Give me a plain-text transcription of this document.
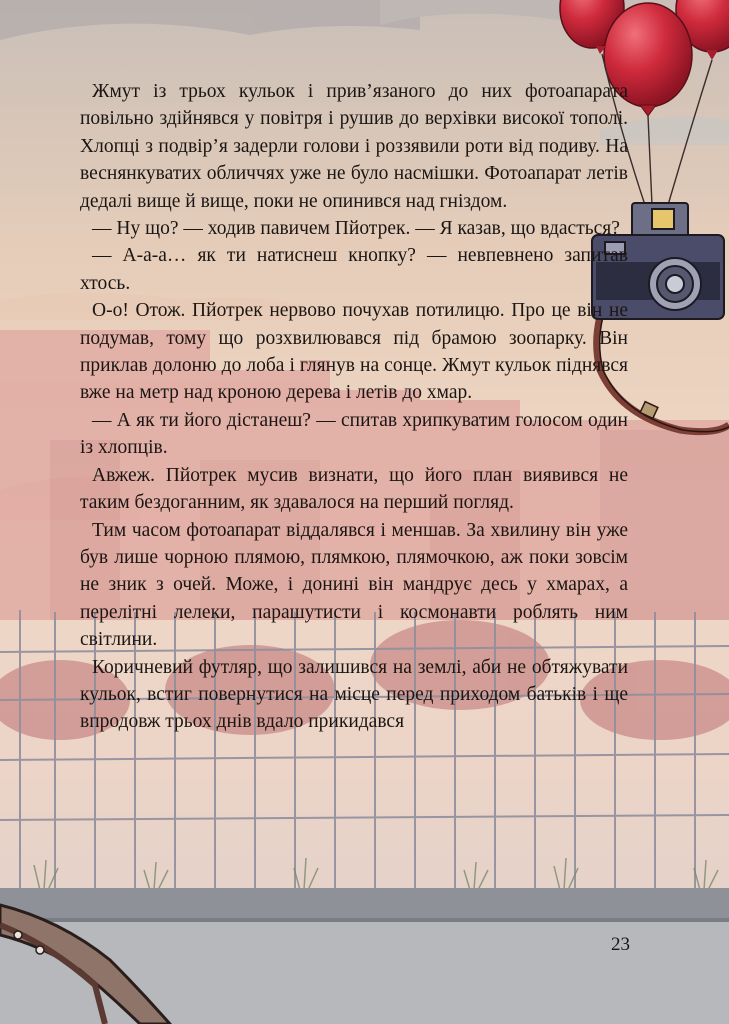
Жмут із трьох кульок і прив’язаного до них фотоапарата повільно здійнявся у повітря і рушив до верхівки високої тополі. Хлопці з подвір’я задерли голови і роззявили роти від подиву. На веснянкуватих обличчях уже не було насмішки. Фотоапарат летів дедалі вище й вище, поки не опинився над гніздом.

— Ну що? — ходив павичем Пйотрек. — Я казав, що вдасться?

— А-а-а… як ти натиснеш кнопку? — невпевнено запитав хтось.

О-о! Отож. Пйотрек нервово почухав потилицю. Про це він не подумав, тому що розхвилювався під брамою зоопарку. Він приклав долоню до лоба і глянув на сонце. Жмут кульок піднявся вже на метр над кроною дерева і летів до хмар.

— А як ти його дістанеш? — спитав хрипкуватим голосом один із хлопців.

Авжеж. Пйотрек мусив визнати, що його план виявився не таким бездоганним, як здавалося на перший погляд.

Тим часом фотоапарат віддалявся і меншав. За хвилину він уже був лише чорною плямою, плямкою, плямочкою, аж поки зовсім не зник з очей. Може, і донині він мандрує десь у хмарах, а перелітні лелеки, парашутисти і космонавти роблять ним світлини.

Коричневий футляр, що залишився на землі, аби не обтяжувати кульок, встиг повернутися на місце перед приходом батьків і ще впродовж трьох днів вдало прикидався

23
